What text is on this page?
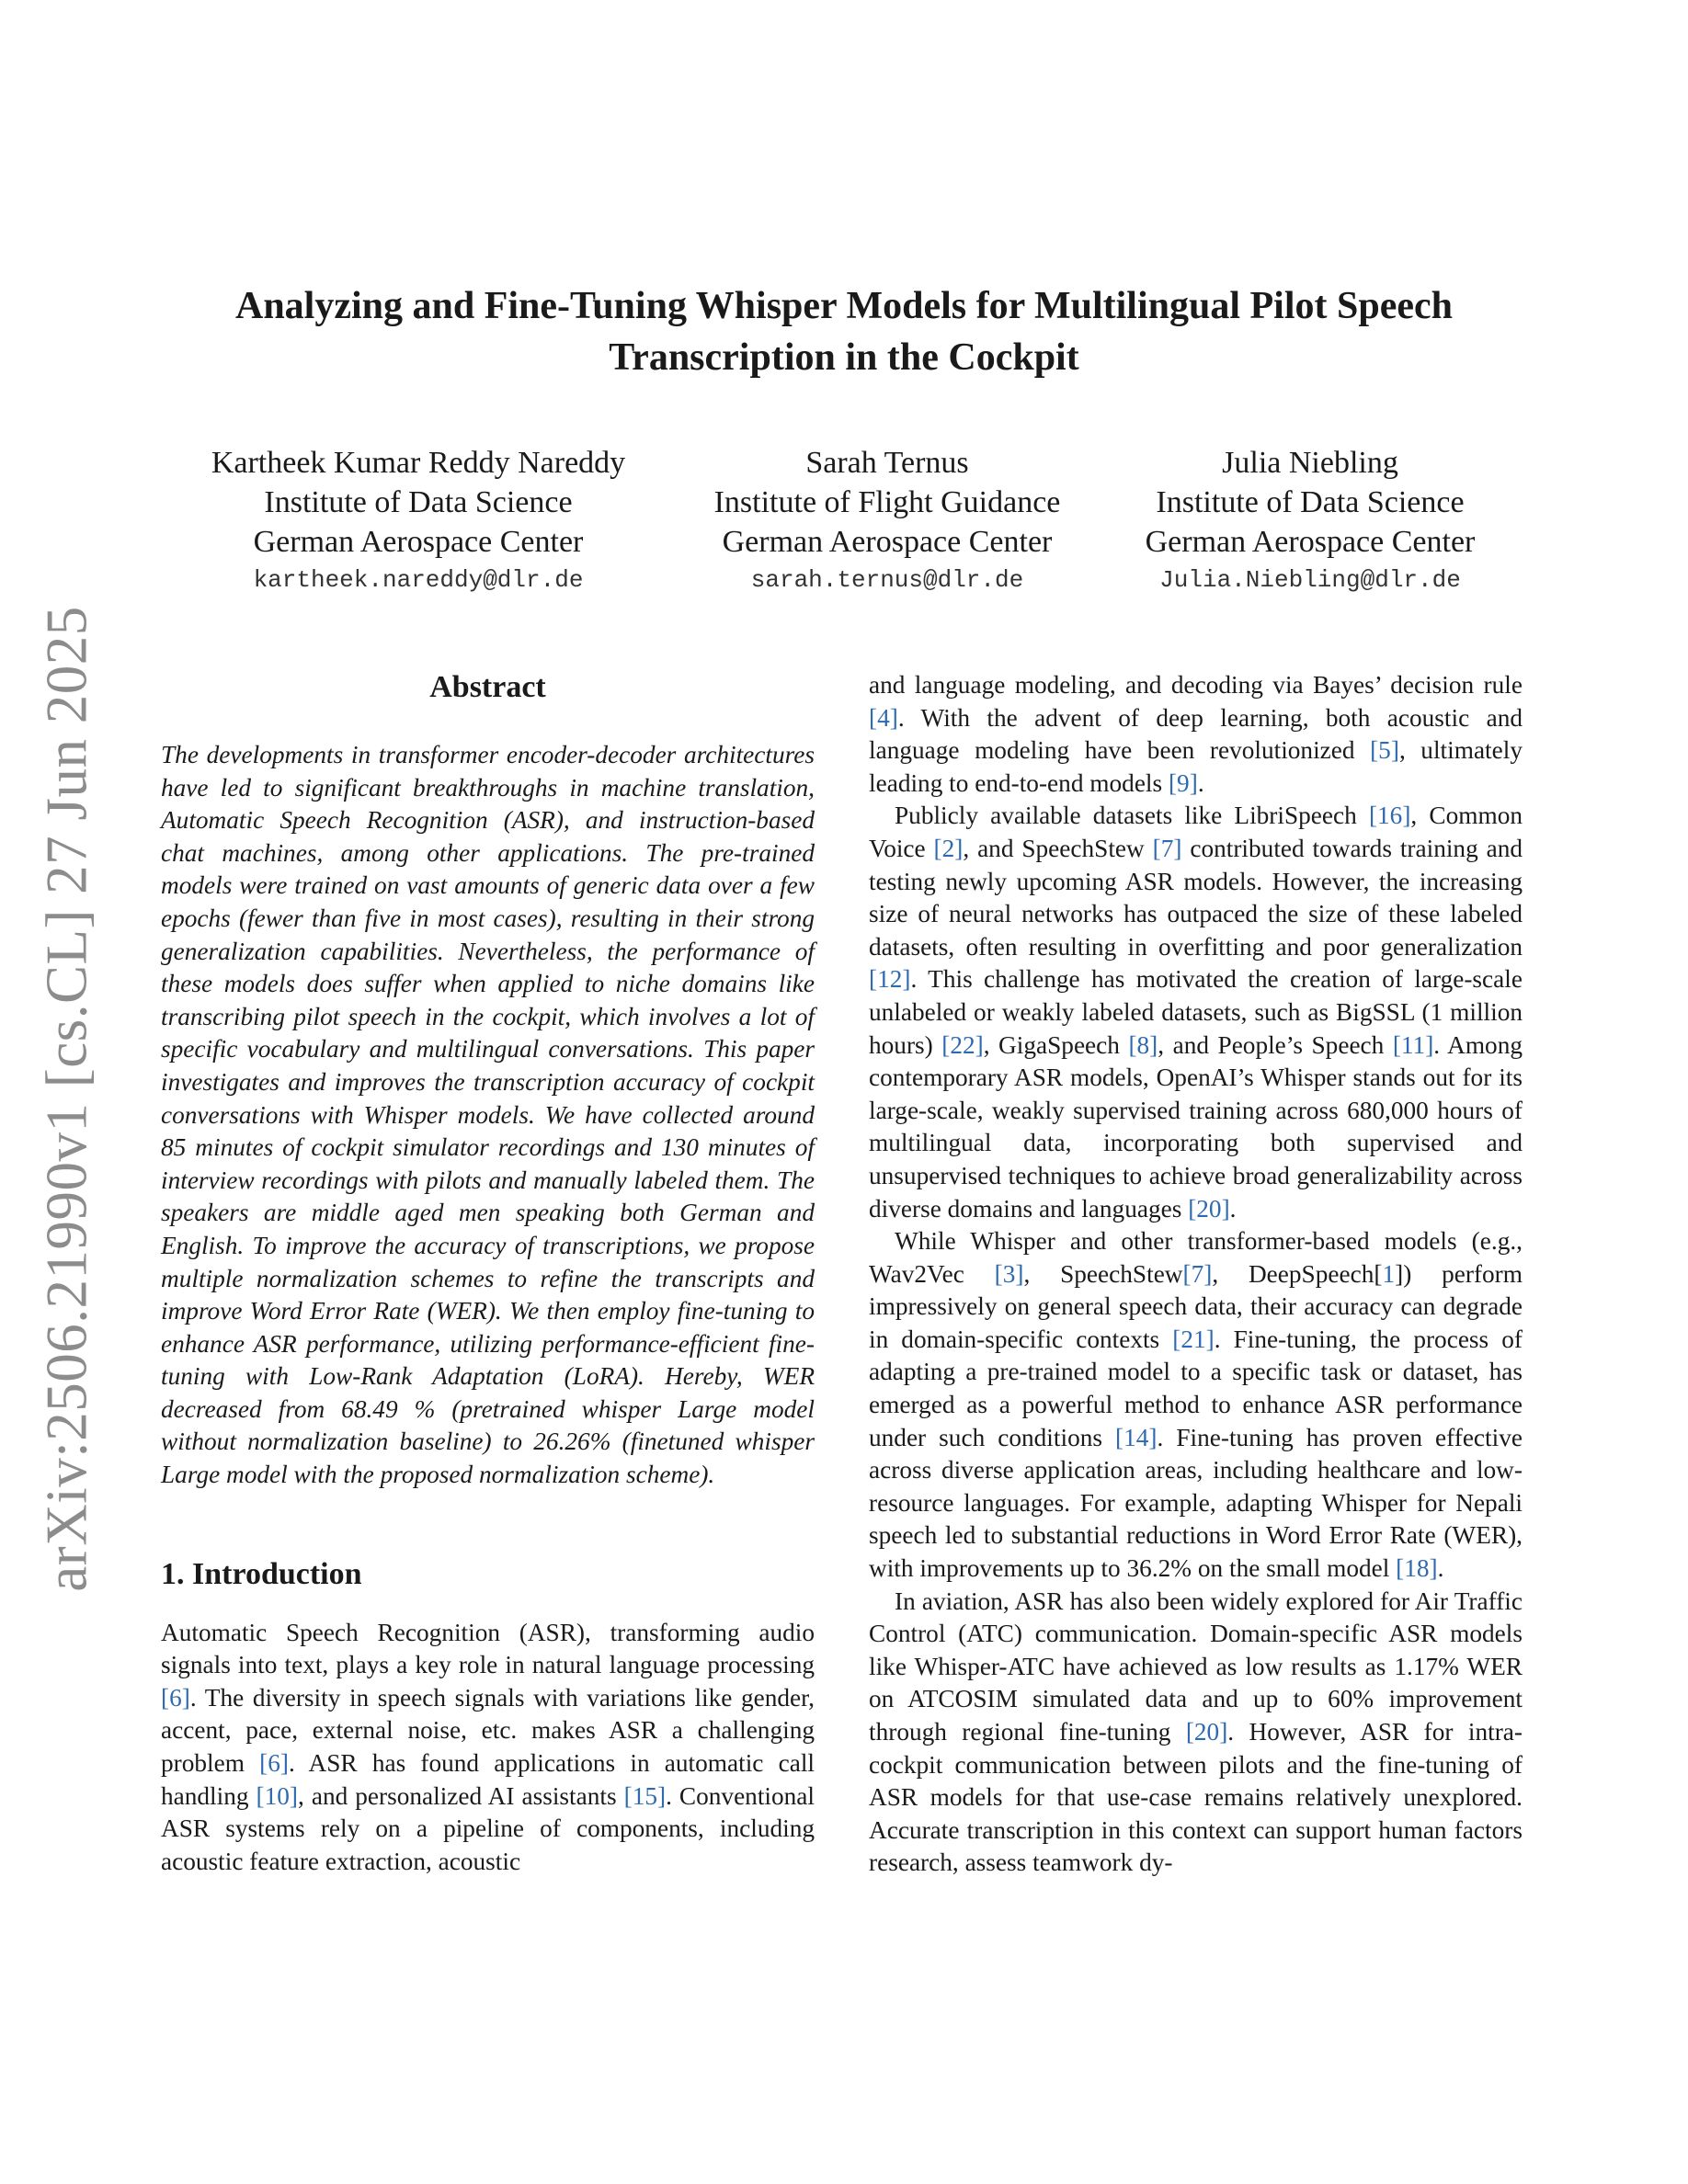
arXiv:2506.21990v1 [cs.CL] 27 Jun 2025
Analyzing and Fine-Tuning Whisper Models for Multilingual Pilot Speech
Transcription in the Cockpit
Kartheek Kumar Reddy Nareddy
Institute of Data Science
German Aerospace Center
kartheek.nareddy@dlr.de
Sarah Ternus
Institute of Flight Guidance
German Aerospace Center
sarah.ternus@dlr.de
Julia Niebling
Institute of Data Science
German Aerospace Center
Julia.Niebling@dlr.de
Abstract

The developments in transformer encoder-decoder architectures have led to significant breakthroughs in machine translation, Automatic Speech Recognition (ASR), and instruction-based chat machines, among other applications. The pre-trained models were trained on vast amounts of generic data over a few epochs (fewer than five in most cases), resulting in their strong generalization capabilities. Nevertheless, the performance of these models does suffer when applied to niche domains like transcribing pilot speech in the cockpit, which involves a lot of specific vocabulary and multilingual conversations. This paper investigates and improves the transcription accuracy of cockpit conversations with Whisper models. We have collected around 85 minutes of cockpit simulator recordings and 130 minutes of interview recordings with pilots and manually labeled them. The speakers are middle aged men speaking both German and English. To improve the accuracy of transcriptions, we propose multiple normalization schemes to refine the transcripts and improve Word Error Rate (WER). We then employ fine-tuning to enhance ASR performance, utilizing performance-efficient fine-tuning with Low-Rank Adaptation (LoRA). Hereby, WER decreased from 68.49 % (pretrained whisper Large model without normalization baseline) to 26.26% (finetuned whisper Large model with the proposed normalization scheme).

1. Introduction

Automatic Speech Recognition (ASR), transforming audio signals into text, plays a key role in natural language processing [6]. The diversity in speech signals with variations like gender, accent, pace, external noise, etc. makes ASR a challenging problem [6]. ASR has found applications in automatic call handling [10], and personalized AI assistants [15]. Conventional ASR systems rely on a pipeline of components, including acoustic feature extraction, acoustic

and language modeling, and decoding via Bayes’ decision rule [4]. With the advent of deep learning, both acoustic and language modeling have been revolutionized [5], ultimately leading to end-to-end models [9].

Publicly available datasets like LibriSpeech [16], Common Voice [2], and SpeechStew [7] contributed towards training and testing newly upcoming ASR models. However, the increasing size of neural networks has outpaced the size of these labeled datasets, often resulting in overfitting and poor generalization [12]. This challenge has motivated the creation of large-scale unlabeled or weakly labeled datasets, such as BigSSL (1 million hours) [22], GigaSpeech [8], and People’s Speech [11]. Among contemporary ASR models, OpenAI’s Whisper stands out for its large-scale, weakly supervised training across 680,000 hours of multilingual data, incorporating both supervised and unsupervised techniques to achieve broad generalizability across diverse domains and languages [20].

While Whisper and other transformer-based models (e.g., Wav2Vec [3], SpeechStew[7], DeepSpeech[1]) perform impressively on general speech data, their accuracy can degrade in domain-specific contexts [21]. Fine-tuning, the process of adapting a pre-trained model to a specific task or dataset, has emerged as a powerful method to enhance ASR performance under such conditions [14]. Fine-tuning has proven effective across diverse application areas, including healthcare and low-resource languages. For example, adapting Whisper for Nepali speech led to substantial reductions in Word Error Rate (WER), with improvements up to 36.2% on the small model [18].

In aviation, ASR has also been widely explored for Air Traffic Control (ATC) communication. Domain-specific ASR models like Whisper-ATC have achieved as low results as 1.17% WER on ATCOSIM simulated data and up to 60% improvement through regional fine-tuning [20]. However, ASR for intra-cockpit communication between pilots and the fine-tuning of ASR models for that use-case remains relatively unexplored. Accurate transcription in this context can support human factors research, assess teamwork dy-
